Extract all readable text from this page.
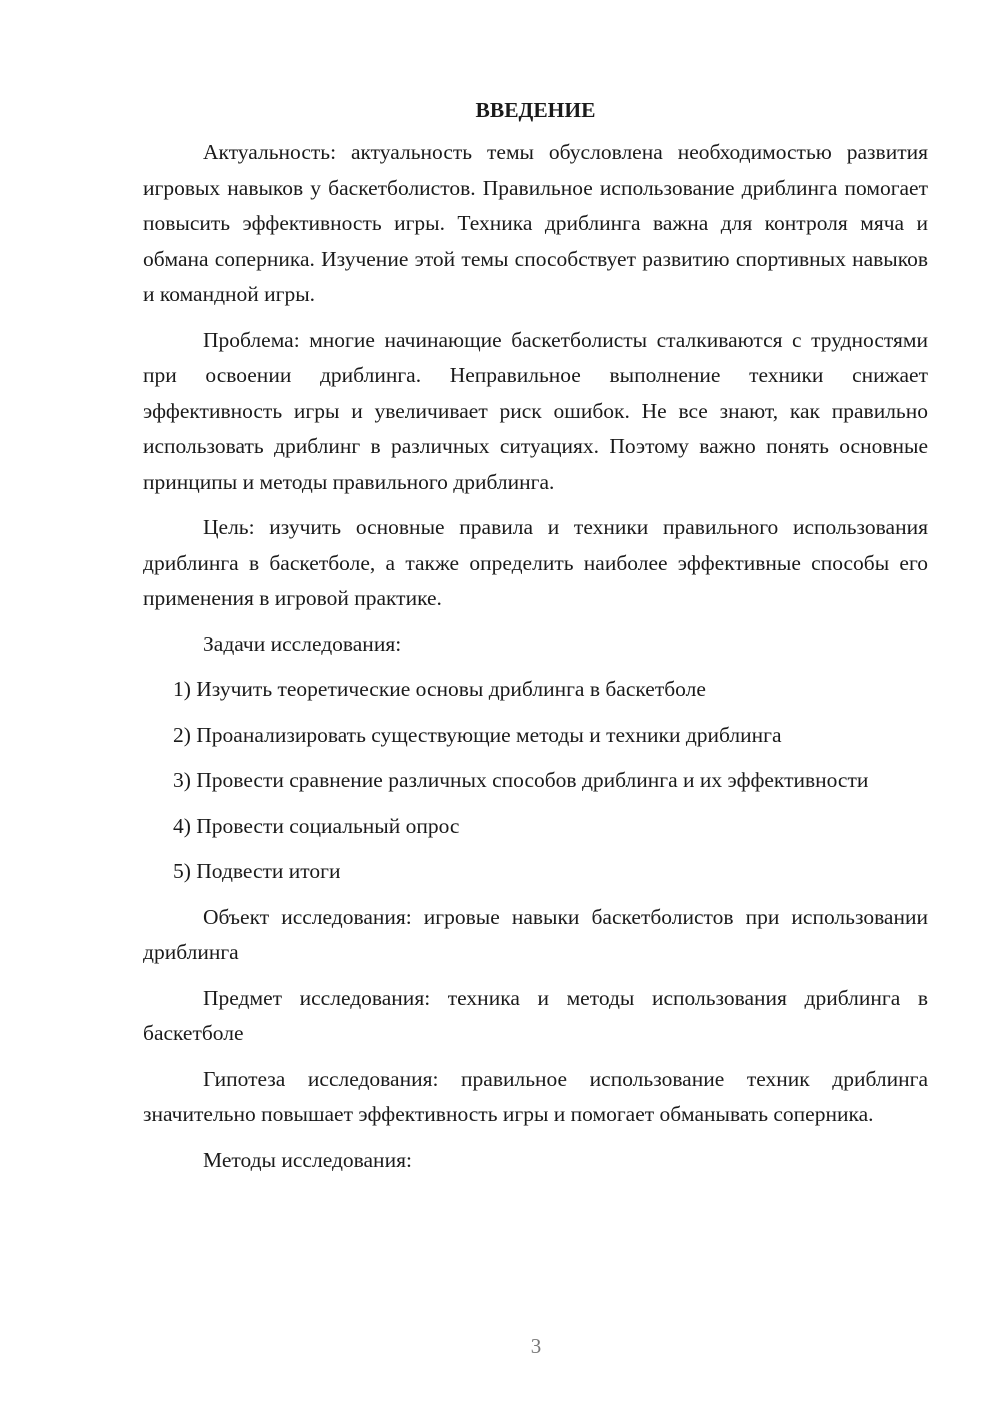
ВВЕДЕНИЕ

Актуальность: актуальность темы обусловлена необходимостью развития игровых навыков у баскетболистов. Правильное использование дриблинга помогает повысить эффективность игры. Техника дриблинга важна для контроля мяча и обмана соперника. Изучение этой темы способствует развитию спортивных навыков и командной игры.

Проблема: многие начинающие баскетболисты сталкиваются с трудностями при освоении дриблинга. Неправильное выполнение техники снижает эффективность игры и увеличивает риск ошибок. Не все знают, как правильно использовать дриблинг в различных ситуациях. Поэтому важно понять основные принципы и методы правильного дриблинга.

Цель: изучить основные правила и техники правильного использования дриблинга в баскетболе, а также определить наиболее эффективные способы его применения в игровой практике.

Задачи исследования:

1) Изучить теоретические основы дриблинга в баскетболе

2) Проанализировать существующие методы и техники дриблинга

3) Провести сравнение различных способов дриблинга и их эффективности

4) Провести социальный опрос

5) Подвести итоги

Объект исследования: игровые навыки баскетболистов при использовании дриблинга

Предмет исследования: техника и методы использования дриблинга в баскетболе

Гипотеза исследования: правильное использование техник дриблинга значительно повышает эффективность игры и помогает обманывать соперника.

Методы исследования:

3
